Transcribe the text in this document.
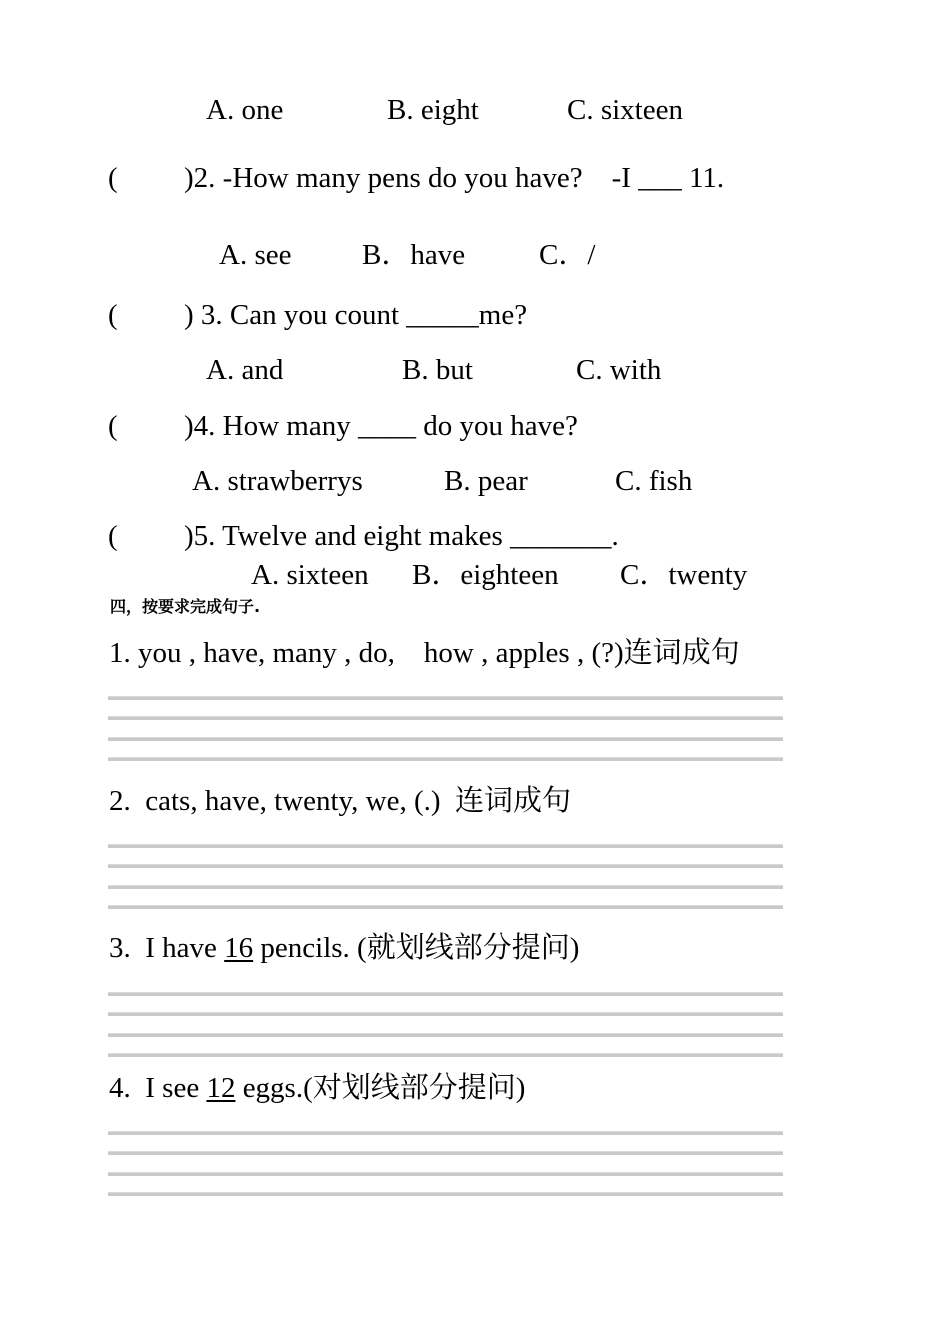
A. one	B. eight	C. sixteen
( )2. -How many pens do you have?    -I ___ 11.
A. see B．have	C．/
( ) 3. Can you count _____me?
A. and	B. but	C. with
( )4. How many ____ do you have?
A. strawberrys	B. pear	C. fish
( )5. Twelve and eight makes _______.
A. sixteen B．eighteen C．twenty
四，按要求完成句子.
1. you , have, many , do,    how , apples , (?)连词成句
2.  cats, have, twenty, we, (.)  连词成句
3.  I have 16 pencils. (就划线部分提问)
4.  I see 12 eggs.(对划线部分提问)
